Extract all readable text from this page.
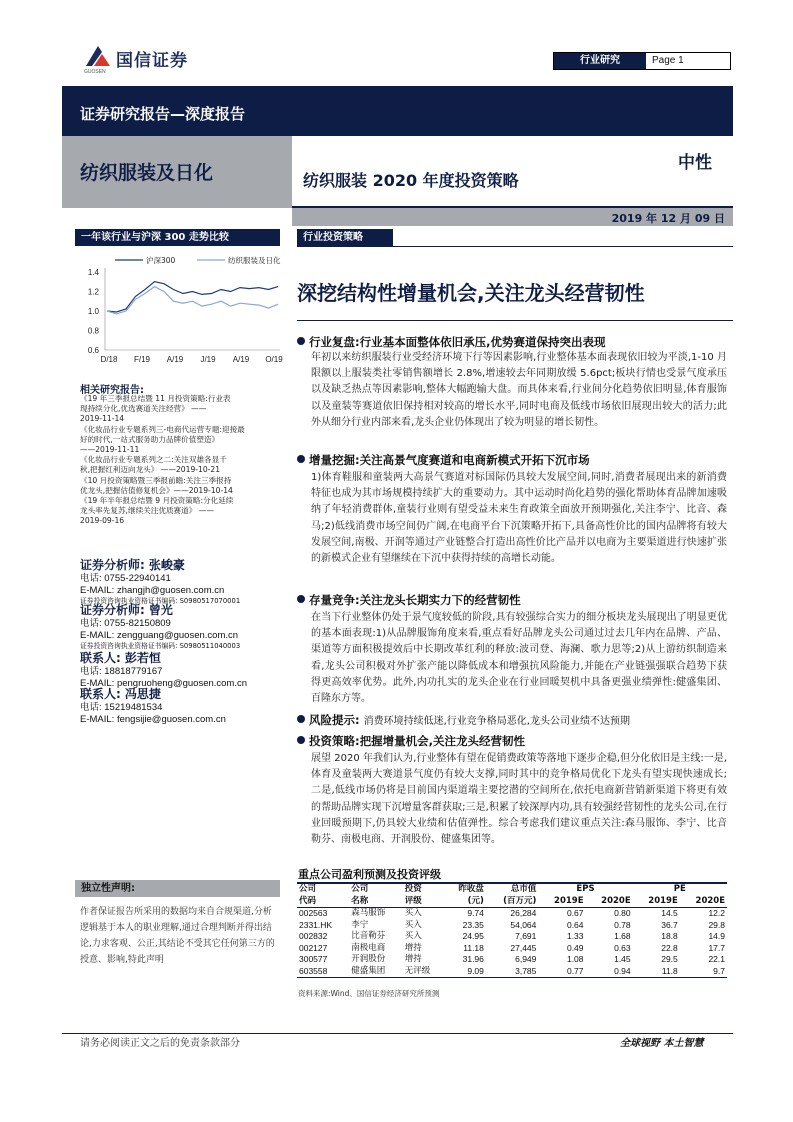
国信证券
GUOSEN
行业研究	Page 1
证券研究报告—深度报告
纺织服装及日化	纺织服装 2020 年度投资策略
中性
2019 年 12 月 09 日
一年该行业与沪深 300 走势比较
沪深300	纺织服装及日化
0.6
0.8
1.0
1.2
1.4
D/18 F/19 A/19 J/19 A/19 O/19
相关研究报告:
《19 年三季报总结暨 11 月投资策略:行业表
现持续分化,优选赛道关注经营》 ——
2019-11-14
《化妆品行业专题系列三-电商代运营专题:迎接最
好的时代,一站式服务助力品牌价值塑造》
——2019-11-11
《化妆品行业专题系列之二:关注双雄各显千
秋,把握红利迈向龙头》 ——2019-10-21
《10 月投资策略暨三季报前瞻:关注三季报持
优龙头,把握估值修复机会》——2019-10-14
《19 年半年报总结暨 9 月投资策略:分化延续
龙头率先复苏,继续关注优质赛道》 ——
2019-09-16
证券分析师: 张峻豪
电话: 0755-22940141
E-MAIL: zhangjh@guosen.com.cn
证券投资咨询执业资格证书编码: S0980517070001
证券分析师: 曾光
电话: 0755-82150809
E-MAIL: zengguang@guosen.com.cn
证券投资咨询执业资格证书编码: S0980511040003
联系人: 彭若恒
电话: 18818779167
E-MAIL: pengruoheng@guosen.com.cn
联系人: 冯思捷
电话: 15219481534
E-MAIL: fengsijie@guosen.com.cn
独立性声明:
作者保证报告所采用的数据均来自合规渠道,分析逻辑基于本人的职业理解,通过合理判断并得出结论,力求客观、公正,其结论不受其它任何第三方的授意、影响,特此声明
行业投资策略
深挖结构性增量机会,关注龙头经营韧性
行业复盘:行业基本面整体依旧承压,优势赛道保持突出表现
年初以来纺织服装行业受经济环境下行等因素影响,行业整体基本面表现依旧较为平淡,1-10 月限额以上服装类社零销售额增长 2.8%,增速较去年同期放缓 5.6pct;板块行情也受景气度承压以及缺乏热点等因素影响,整体大幅跑输大盘。而具体来看,行业间分化趋势依旧明显,体育服饰以及童装等赛道依旧保持相对较高的增长水平,同时电商及低线市场依旧展现出较大的活力;此外从细分行业内部来看,龙头企业仍体现出了较为明显的增长韧性。
增量挖掘:关注高景气度赛道和电商新模式开拓下沉市场
1)体育鞋服和童装两大高景气赛道对标国际仍具较大发展空间,同时,消费者展现出来的新消费特征也成为其市场规模持续扩大的重要动力。其中运动时尚化趋势的强化帮助体育品牌加速吸纳了年轻消费群体,童装行业则有望受益未来生育政策全面放开预期强化,关注李宁、比音、森马;2)低线消费市场空间仍广阔,在电商平台下沉策略开拓下,具备高性价比的国内品牌将有较大发展空间,南极、开润等通过产业链整合打造出高性价比产品并以电商为主要渠道进行快速扩张的新模式企业有望继续在下沉中获得持续的高增长动能。
存量竞争:关注龙头长期实力下的经营韧性
在当下行业整体仍处于景气度较低的阶段,具有较强综合实力的细分板块龙头展现出了明显更优的基本面表现:1)从品牌服饰角度来看,重点看好品牌龙头公司通过过去几年内在品牌、产品、渠道等方面积极提效后中长期改革红利的释放:波司登、海澜、歌力思等;2)从上游纺织制造来看,龙头公司积极对外扩张产能以降低成本和增强抗风险能力,并能在产业链强强联合趋势下获得更高效率优势。此外,内功扎实的龙头企业在行业回暖契机中具备更强业绩弹性:健盛集团、百隆东方等。
风险提示: 消费环境持续低迷,行业竞争格局恶化,龙头公司业绩不达预期
投资策略:把握增量机会,关注龙头经营韧性
展望 2020 年我们认为,行业整体有望在促销费政策等落地下逐步企稳,但分化依旧是主线:一是,体育及童装两大赛道景气度仍有较大支撑,同时其中的竞争格局优化下龙头有望实现快速成长;二是,低线市场仍将是目前国内渠道端主要挖潜的空间所在,依托电商新营销新渠道下将更有效的帮助品牌实现下沉增量客群获取;三是,积累了较深厚内功,具有较强经营韧性的龙头公司,在行业回暖预期下,仍具较大业绩和估值弹性。综合考虑我们建议重点关注:森马服饰、李宁、比音勒芬、南极电商、开润股份、健盛集团等。
重点公司盈利预测及投资评级
公司	公司	投资	昨收盘	总市值	EPS		PE	
代码	名称	评级	(元)	(百万元)	2019E	2020E	2019E	2020E
002563	森马服饰	买入	9.74	26,284	0.67	0.80	14.5	12.2
2331.HK	李宁	买入	23.35	54,064	0.64	0.78	36.7	29.8
002832	比音勒芬	买入	24.95	7,691	1.33	1.68	18.8	14.9
002127	南极电商	增持	11.18	27,445	0.49	0.63	22.8	17.7
300577	开润股份	增持	31.96	6,949	1.08	1.45	29.5	22.1
603558	健盛集团	无评级	9.09	3,785	0.77	0.94	11.8	9.7
资料来源:Wind、国信证券经济研究所预测
请务必阅读正文之后的免责条款部分	全球视野 本土智慧
